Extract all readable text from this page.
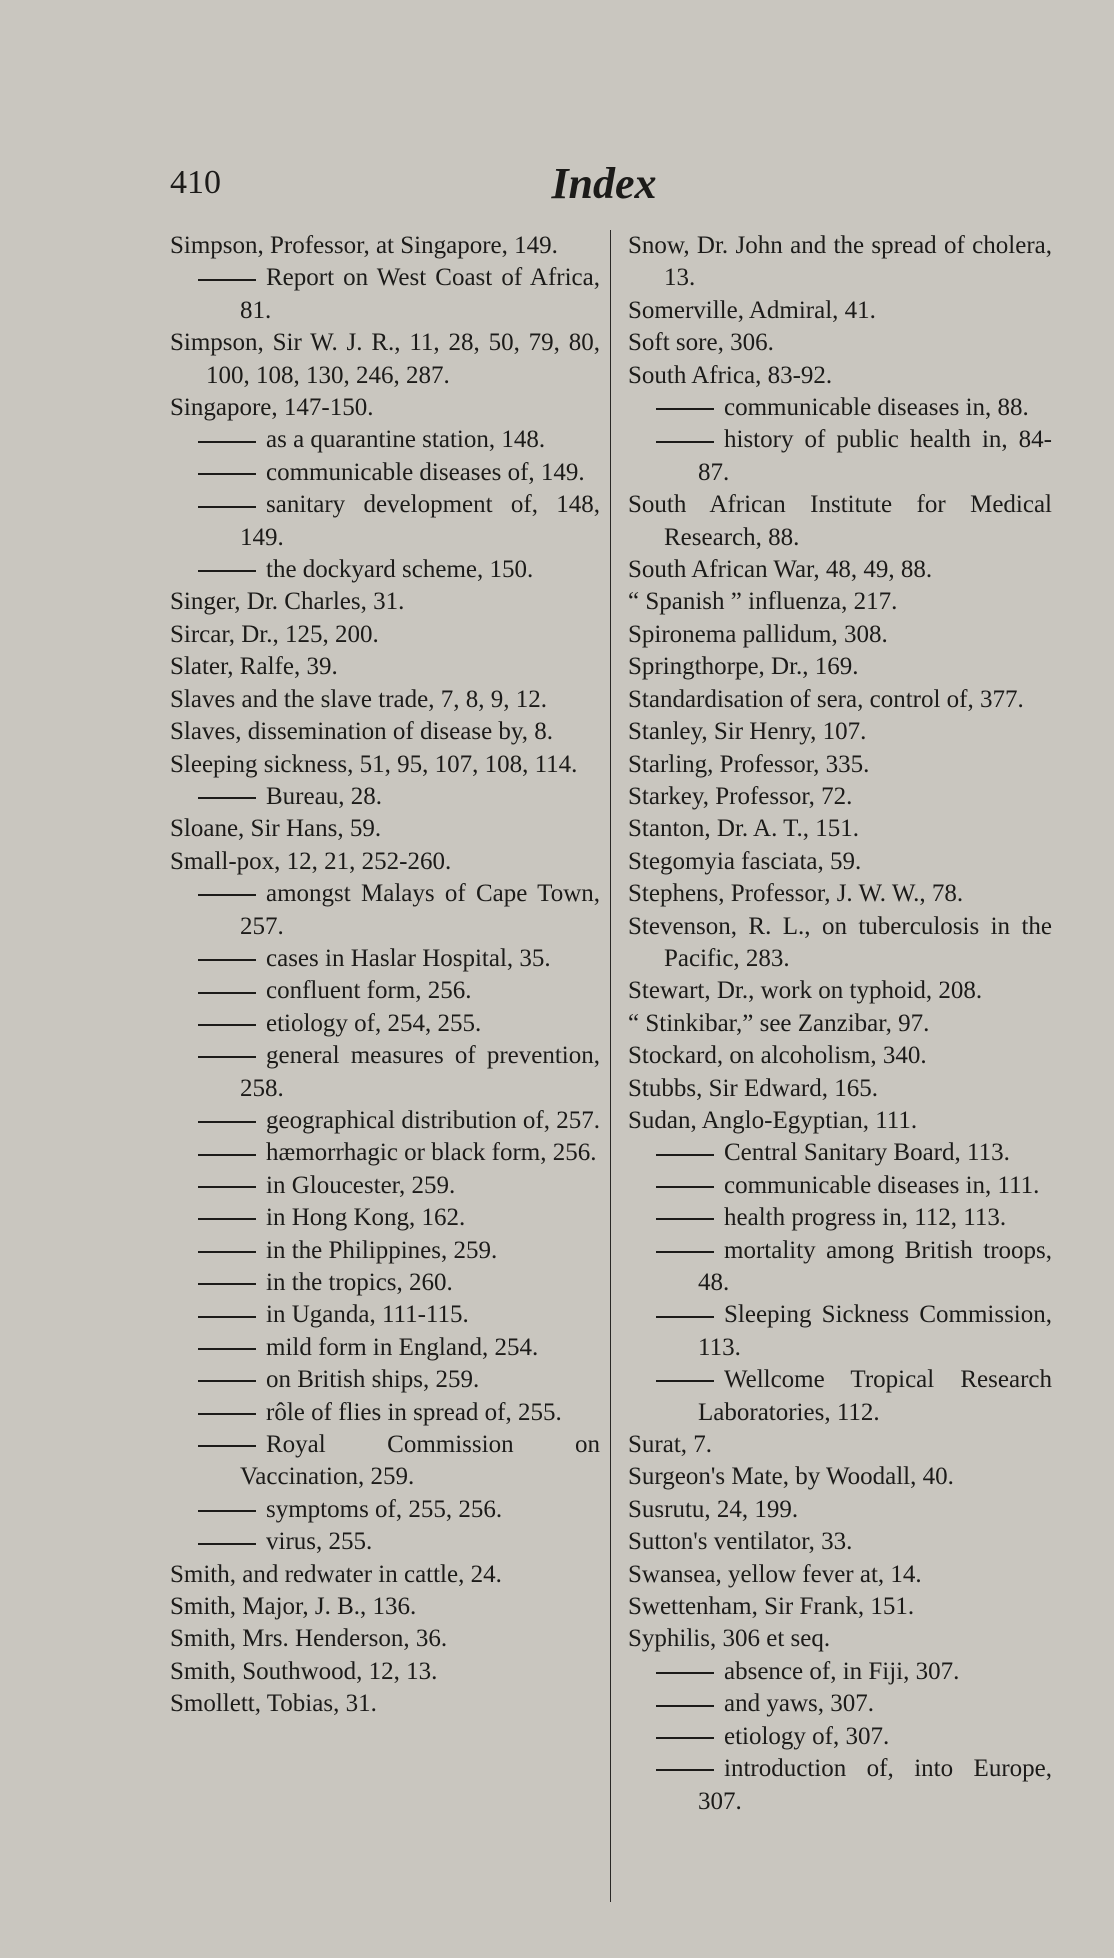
410	Index

Simpson, Professor, at Singapore, 149.

Report on West Coast of Africa, 81.

Simpson, Sir W. J. R., 11, 28, 50, 79, 80, 100, 108, 130, 246, 287.

Singapore, 147-150.

as a quarantine station, 148.

communicable diseases of, 149.

sanitary development of, 148, 149.

the dockyard scheme, 150.

Singer, Dr. Charles, 31.

Sircar, Dr., 125, 200.

Slater, Ralfe, 39.

Slaves and the slave trade, 7, 8, 9, 12.

Slaves, dissemination of disease by, 8.

Sleeping sickness, 51, 95, 107, 108, 114.

Bureau, 28.

Sloane, Sir Hans, 59.

Small-pox, 12, 21, 252-260.

amongst Malays of Cape Town, 257.

cases in Haslar Hospital, 35.

confluent form, 256.

etiology of, 254, 255.

general measures of prevention, 258.

geographical distribution of, 257.

hæmorrhagic or black form, 256.

in Gloucester, 259.

in Hong Kong, 162.

in the Philippines, 259.

in the tropics, 260.

in Uganda, 111-115.

mild form in England, 254.

on British ships, 259.

rôle of flies in spread of, 255.

Royal Commission on Vaccination, 259.

symptoms of, 255, 256.

virus, 255.

Smith, and redwater in cattle, 24.

Smith, Major, J. B., 136.

Smith, Mrs. Henderson, 36.

Smith, Southwood, 12, 13.

Smollett, Tobias, 31.

Snow, Dr. John and the spread of cholera, 13.

Somerville, Admiral, 41.

Soft sore, 306.

South Africa, 83-92.

communicable diseases in, 88.

history of public health in, 84-87.

South African Institute for Medical Research, 88.

South African War, 48, 49, 88.

“ Spanish ” influenza, 217.

Spironema pallidum, 308.

Springthorpe, Dr., 169.

Standardisation of sera, control of, 377.

Stanley, Sir Henry, 107.

Starling, Professor, 335.

Starkey, Professor, 72.

Stanton, Dr. A. T., 151.

Stegomyia fasciata, 59.

Stephens, Professor, J. W. W., 78.

Stevenson, R. L., on tuberculosis in the Pacific, 283.

Stewart, Dr., work on typhoid, 208.

“ Stinkibar,” see Zanzibar, 97.

Stockard, on alcoholism, 340.

Stubbs, Sir Edward, 165.

Sudan, Anglo-Egyptian, 111.

Central Sanitary Board, 113.

communicable diseases in, 111.

health progress in, 112, 113.

mortality among British troops, 48.

Sleeping Sickness Commission, 113.

Wellcome Tropical Research Laboratories, 112.

Surat, 7.

Surgeon's Mate, by Woodall, 40.

Susrutu, 24, 199.

Sutton's ventilator, 33.

Swansea, yellow fever at, 14.

Swettenham, Sir Frank, 151.

Syphilis, 306 et seq.

absence of, in Fiji, 307.

and yaws, 307.

etiology of, 307.

introduction of, into Europe, 307.
